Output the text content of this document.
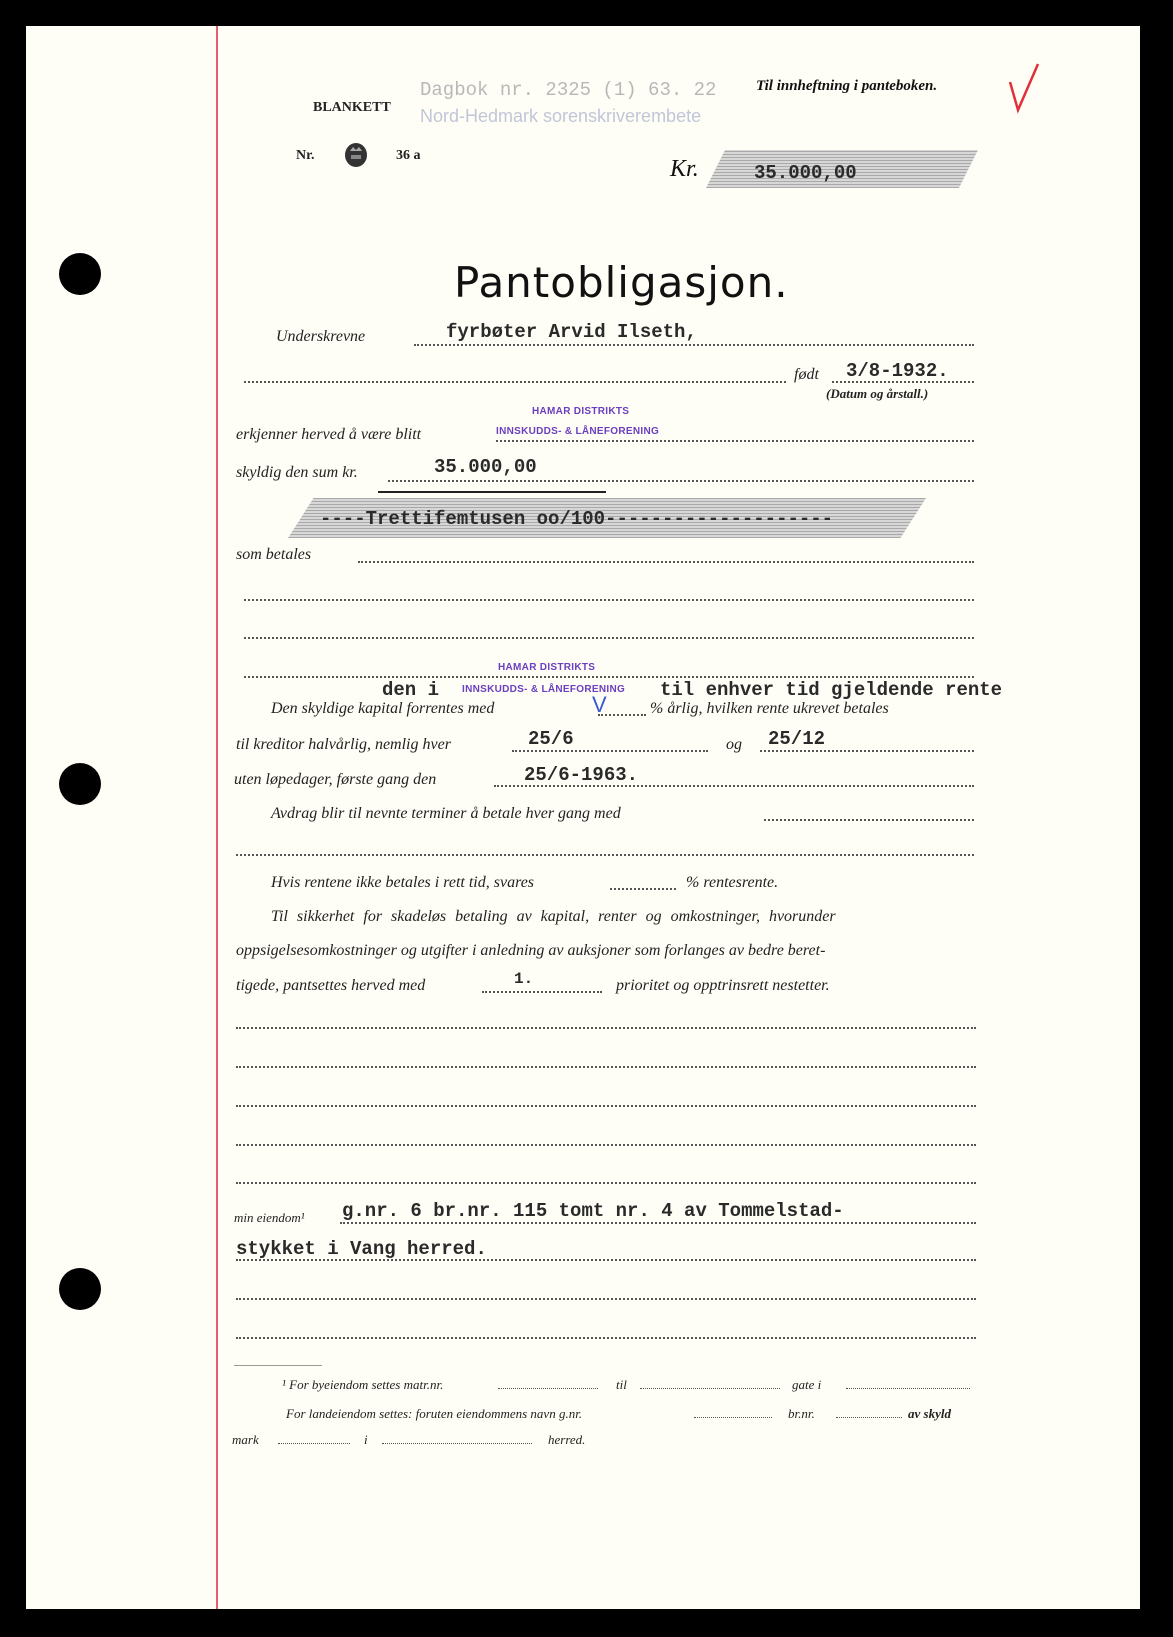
BLANKETT
Dagbok nr. 2325 (1) 63. 22
Nord-Hedmark sorenskriverembete
Til innheftning i panteboken.
Nr.	36 a
Kr.	35.000,00
Pantobligasjon.
Underskrevne	fyrbøter Arvid Ilseth,
født 3/8-1932.
(Datum og årstall.)
HAMAR DISTRIKTS
erkjenner herved å være blitt	INNSKUDDS- & LÅNEFORENING
skyldig den sum kr.	35.000,00
----Trettifemtusen oo/100--------------------
som betales
HAMAR DISTRIKTS
den i INNSKUDDS- & LÅNEFORENING til enhver tid gjeldende rente
Den skyldige kapital forrentes med	V	% årlig, hvilken rente ukrevet betales
til kreditor halvårlig, nemlig hver	25/6	og 25/12
uten løpedager, første gang den	25/6-1963.
Avdrag blir til nevnte terminer å betale hver gang med
Hvis rentene ikke betales i rett tid, svares	% rentesrente.
Til sikkerhet for skadeløs betaling av kapital, renter og omkostninger, hvorunder
oppsigelsesomkostninger og utgifter i anledning av auksjoner som forlanges av bedre beret-
tigede, pantsettes herved med	1.	prioritet og opptrinsrett nestetter.
min eiendom¹ g.nr. 6 br.nr. 115 tomt nr. 4 av Tommelstad-
stykket i Vang herred.
¹ For byeiendom settes matr.nr.	til	gate i
For landeiendom settes: foruten eiendommens navn g.nr.	br.nr.	av skyld
mark	i	herred.
